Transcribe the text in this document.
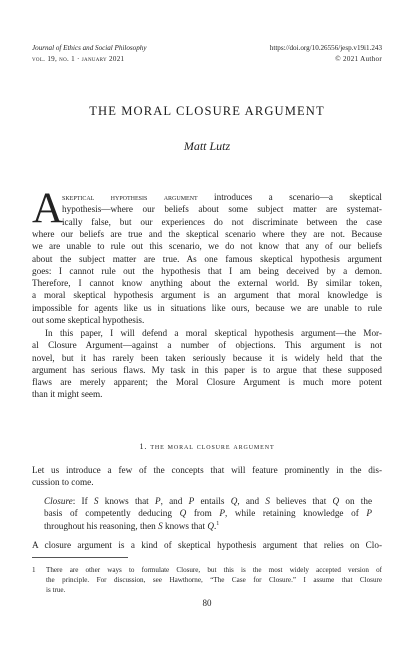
Journal of Ethics and Social Philosophy	https://doi.org/10.26556/jesp.v19i1.243
vol. 19, no. 1 · january 2021	© 2021 Author
THE MORAL CLOSURE ARGUMENT
Matt Lutz
A
skeptical hypothesis argument introduces a scenario—a skeptical
hypothesis—where our beliefs about some subject matter are systemat-
ically false, but our experiences do not discriminate between the case
where our beliefs are true and the skeptical scenario where they are not. Because
we are unable to rule out this scenario, we do not know that any of our beliefs
about the subject matter are true. As one famous skeptical hypothesis argument
goes: I cannot rule out the hypothesis that I am being deceived by a demon.
Therefore, I cannot know anything about the external world. By similar token,
a moral skeptical hypothesis argument is an argument that moral knowledge is
impossible for agents like us in situations like ours, because we are unable to rule
out some skeptical hypothesis.
In this paper, I will defend a moral skeptical hypothesis argument—the Mor-
al Closure Argument—against a number of objections. This argument is not
novel, but it has rarely been taken seriously because it is widely held that the
argument has serious flaws. My task in this paper is to argue that these supposed
flaws are merely apparent; the Moral Closure Argument is much more potent
than it might seem.
1. the moral closure argument
Let us introduce a few of the concepts that will feature prominently in the dis-
cussion to come.
Closure: If S knows that P, and P entails Q, and S believes that Q on the
basis of competently deducing Q from P, while retaining knowledge of P
throughout his reasoning, then S knows that Q.$^1$
A closure argument is a kind of skeptical hypothesis argument that relies on Clo-
1 There are other ways to formulate Closure, but this is the most widely accepted version of
the principle. For discussion, see Hawthorne, “The Case for Closure.” I assume that Closure
is true.
80
